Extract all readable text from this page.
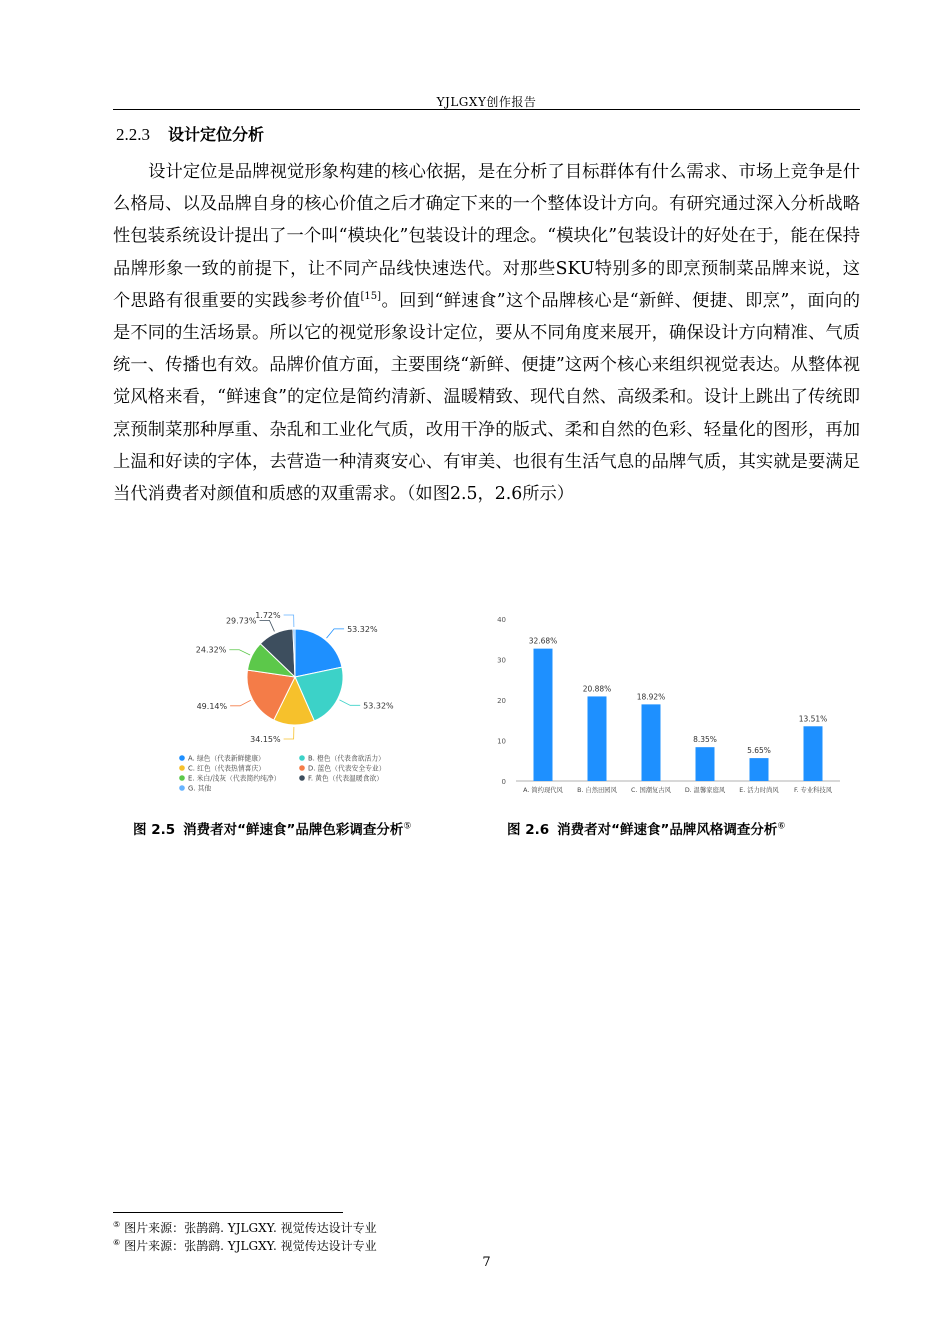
YJLGXY创作报告
2.2.3 设计定位分析

设计定位是品牌视觉形象构建的核心依据，是在分析了目标群体有什么需求、市场上竞争是什么格局、以及品牌自身的核心价值之后才确定下来的一个整体设计方向。有研究通过深入分析战略性包装系统设计提出了一个叫“模块化”包装设计的理念。“模块化”包装设计的好处在于，能在保持品牌形象一致的前提下，让不同产品线快速迭代。对那些SKU特别多的即烹预制菜品牌来说，这个思路有很重要的实践参考价值[15]。回到“鲜速食”这个品牌核心是“新鲜、便捷、即烹”，面向的是不同的生活场景。所以它的视觉形象设计定位，要从不同角度来展开，确保设计方向精准、气质统一、传播也有效。品牌价值方面，主要围绕“新鲜、便捷”这两个核心来组织视觉表达。从整体视觉风格来看，“鲜速食”的定位是简约清新、温暖精致、现代自然、高级柔和。设计上跳出了传统即烹预制菜那种厚重、杂乱和工业化气质，改用干净的版式、柔和自然的色彩、轻量化的图形，再加上温和好读的字体，去营造一种清爽安心、有审美、也很有生活气息的品牌气质，其实就是要满足当代消费者对颜值和质感的双重需求。（如图2.5，2.6所示）

53.32%
53.32%
34.15%
49.14%
24.32%
29.73%
1.72%
A. 绿色（代表新鲜健康）	B. 橙色（代表食欲活力）
C. 红色（代表热情喜庆）	D. 蓝色（代表安全专业）
E. 米白/浅灰（代表简约纯净）	F. 黄色（代表温暖食欲）
G. 其他
0
10
20
30
40
32.68%
A. 简约现代风
20.88%
B. 自然田园风
18.92%
C. 国潮复古风
8.35%
D. 温馨家庭风
5.65%
E. 活力时尚风
13.51%
F. 专业科技风
图 2.5 消费者对“鲜速食”品牌色彩调查分析⑤	图 2.6 消费者对“鲜速食”品牌风格调查分析⑥
⑤ 图片来源：张鹊鹞. YJLGXY. 视觉传达设计专业
⑥ 图片来源：张鹊鹞. YJLGXY. 视觉传达设计专业
7
